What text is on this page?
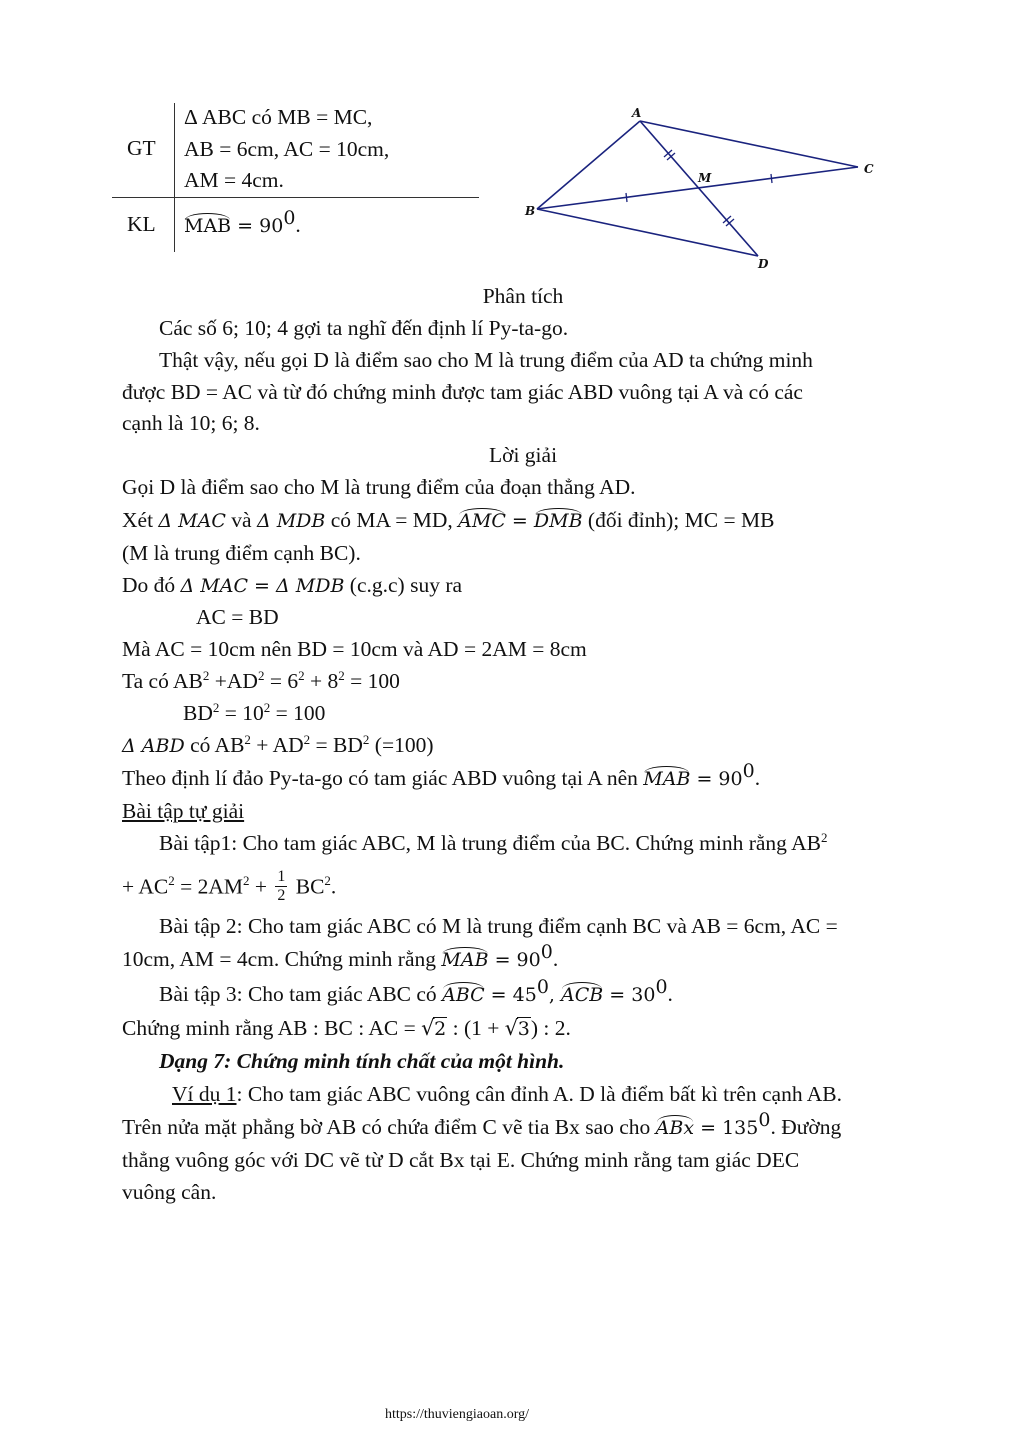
GT
Δ ABC có MB = MC,
AB = 6cm, AC = 10cm,
AM = 4cm.
KL MAB = $90^0$.
A
B
C
D
M
Phân tích
Các số 6; 10; 4 gợi ta nghĩ đến định lí Py-ta-go.
Thật vậy, nếu gọi D là điểm sao cho M là trung điểm của AD ta chứng minh
được BD = AC và từ đó chứng minh được tam giác ABD vuông tại A và có các
cạnh là 10; 6; 8.
Lời giải
Gọi D là điểm sao cho M là trung điểm của đoạn thẳng AD.
Xét Δ MAC và Δ MDB có MA = MD, AMC = DMB (đối đỉnh); MC = MB
(M là trung điểm cạnh BC).
Do đó Δ MAC = Δ MDB (c.g.c) suy ra
AC = BD
Mà AC = 10cm nên BD = 10cm và AD = 2AM = 8cm
Ta có $AB^2 +AD^2 = 6^2 + 8^2 = 100$
$BD^2 = 10^2 = 100$
Δ ABD có $AB^2 + AD^2 = BD^2$ (=100)
Theo định lí đảo Py-ta-go có tam giác ABD vuông tại A nên MAB = $90^0$.
Bài tập tự giải
Bài tập1: Cho tam giác ABC, M là trung điểm của BC. Chứng minh rằng $AB^2$
+ $AC^2 = 2AM^2 + \frac{1}{2} BC^2$.
Bài tập 2: Cho tam giác ABC có M là trung điểm cạnh BC và AB = 6cm, AC =
10cm, AM = 4cm. Chứng minh rằng MAB = $90^0$.
Bài tập 3: Cho tam giác ABC có ABC = $45^0$, ACB = $30^0$.
Chứng minh rằng AB : BC : AC = √ 2 : (1 + √ 3) : 2.
Dạng 7: Chứng minh tính chất của một hình.
Ví dụ 1: Cho tam giác ABC vuông cân đỉnh A. D là điểm bất kì trên cạnh AB.
Trên nửa mặt phẳng bờ AB có chứa điểm C vẽ tia Bx sao cho ABx = $135^0$. Đường
thẳng vuông góc với DC vẽ từ D cắt Bx tại E. Chứng minh rằng tam giác DEC
vuông cân.
https://thuviengiaoan.org/
